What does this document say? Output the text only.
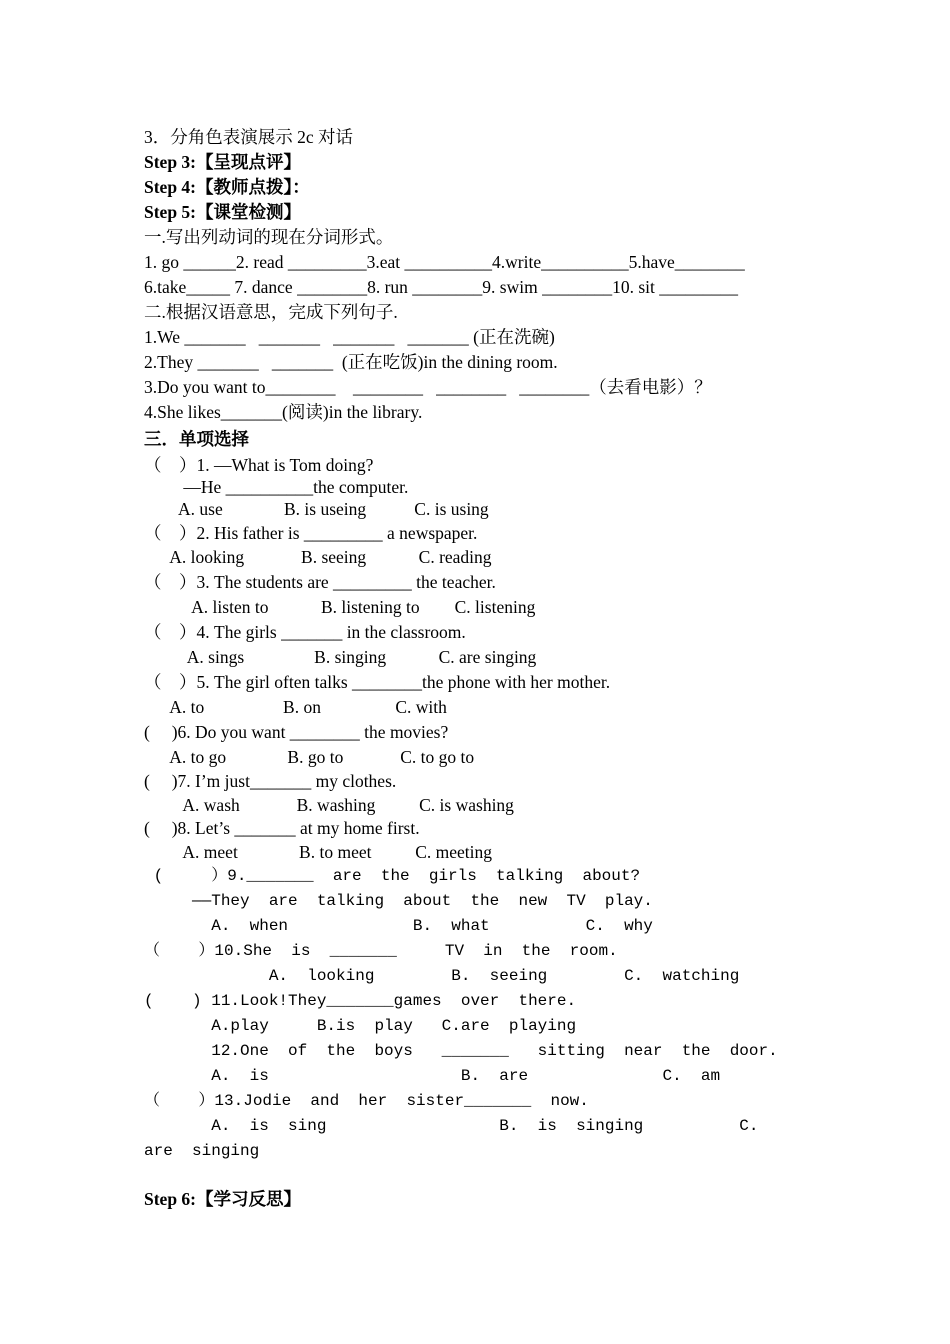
3．分角色表演展示 2c 对话
Step 3:【呈现点评】
Step 4:【教师点拨】：
Step 5:【课堂检测】
一.写出列动词的现在分词形式。
1. go ______2. read _________3.eat __________4.write__________5.have________
6.take_____ 7. dance ________8. run ________9. swim ________10. sit _________
二.根据汉语意思，完成下列句子.
1.We _______   _______   _______   _______ (正在洗碗)
2.They _______   _______  (正在吃饭)in the dining room.
3.Do you want to________    ________   ________   ________（去看电影）？
4.She likes_______(阅读)in the library.
三．单项选择
（    ）1. —What is Tom doing?
—He __________the computer.
A. use              B. is useing           C. is using
（    ）2. His father is _________ a newspaper.
A. looking             B. seeing            C. reading
（    ）3. The students are _________ the teacher.
A. listen to            B. listening to        C. listening
（    ）4. The girls _______ in the classroom.
A. sings                B. singing            C. are singing
（    ）5. The girl often talks ________the phone with her mother.
A. to                  B. on                 C. with
(     )6. Do you want ________ the movies?
A. to go              B. go to             C. to go to
(     )7. I’m just_______ my clothes.
A. wash             B. washing          C. is washing
(     )8. Let’s _______ at my home first.
A. meet              B. to meet          C. meeting
(     ）9._______  are  the  girls  talking  about?
——They  are  talking  about  the  new  TV  play.
A.  when             B.  what          C.  why
（    ）10.She  is  _______     TV  in  the  room.
A.  looking        B.  seeing        C.  watching
(    ) 11.Look!They_______games  over  there.
A.play     B.is  play   C.are  playing
12.One  of  the  boys   _______   sitting  near  the  door.
A.  is                    B.  are              C.  am
（    ）13.Jodie  and  her  sister_______  now.
A.  is  sing                  B.  is  singing          C.
are  singing
Step 6:【学习反思】
